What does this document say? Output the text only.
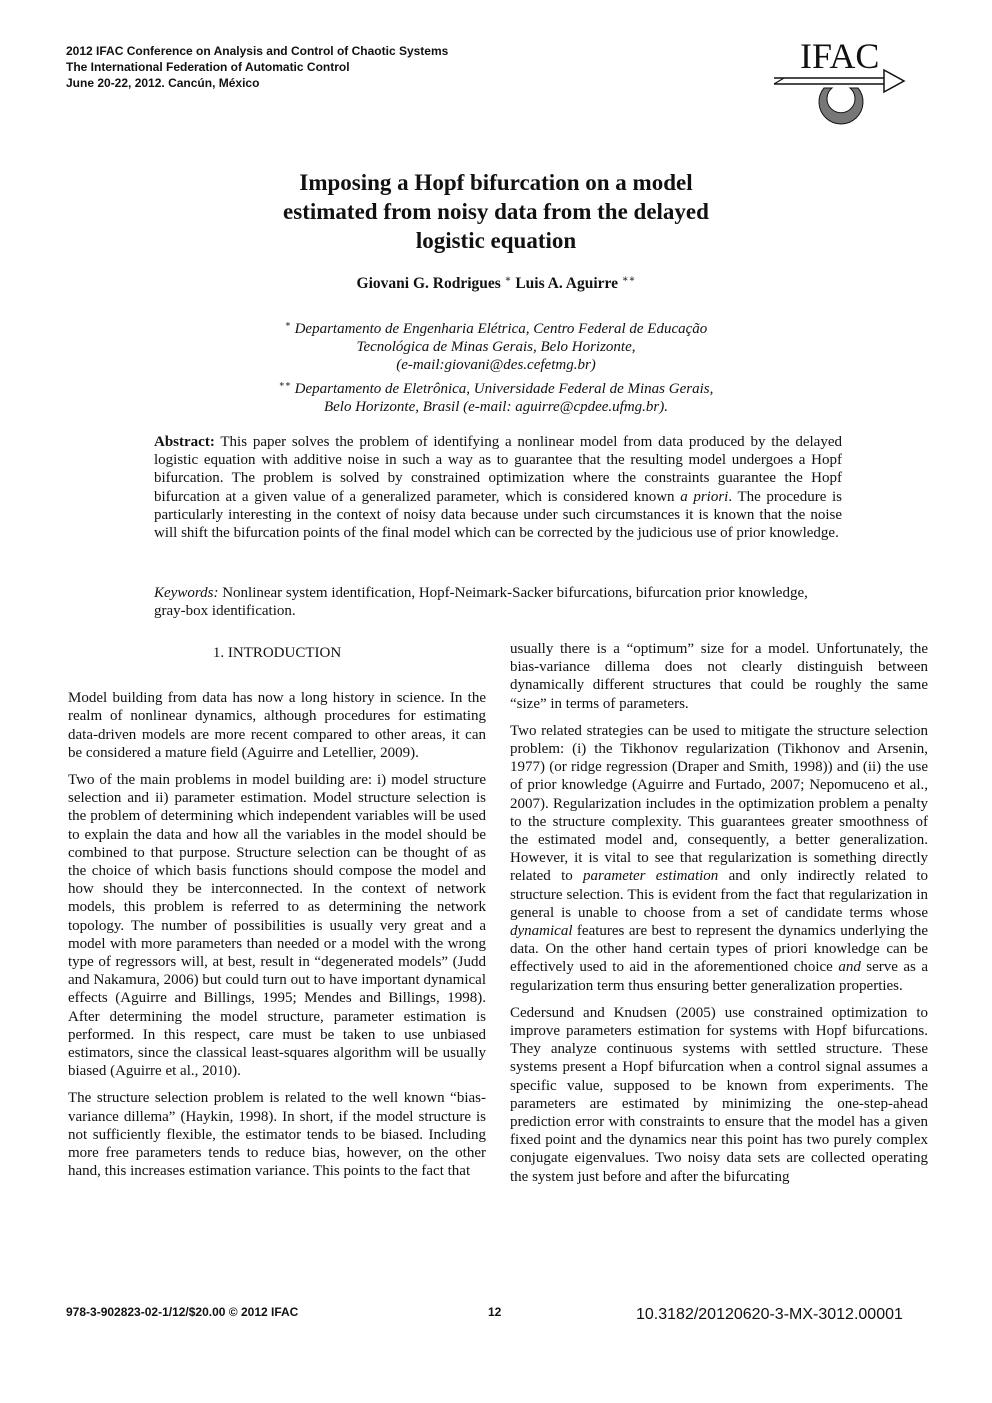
2012 IFAC Conference on Analysis and Control of Chaotic Systems
The International Federation of Automatic Control
June 20-22, 2012. Cancún, México
IFAC
Imposing a Hopf bifurcation on a model
estimated from noisy data from the delayed
logistic equation
Giovani G. Rodrigues ∗ Luis A. Aguirre ∗∗
∗ Departamento de Engenharia Elétrica, Centro Federal de Educação
Tecnológica de Minas Gerais, Belo Horizonte,
(e-mail:giovani@des.cefetmg.br)
∗∗ Departamento de Eletrônica, Universidade Federal de Minas Gerais,
Belo Horizonte, Brasil (e-mail: aguirre@cpdee.ufmg.br).
Abstract: This paper solves the problem of identifying a nonlinear model from data produced by the delayed logistic equation with additive noise in such a way as to guarantee that the resulting model undergoes a Hopf bifurcation. The problem is solved by constrained optimization where the constraints guarantee the Hopf bifurcation at a given value of a generalized parameter, which is considered known a priori. The procedure is particularly interesting in the context of noisy data because under such circumstances it is known that the noise will shift the bifurcation points of the final model which can be corrected by the judicious use of prior knowledge.
Keywords: Nonlinear system identification, Hopf-Neimark-Sacker bifurcations, bifurcation prior knowledge, gray-box identification.
1. INTRODUCTION

Model building from data has now a long history in science. In the realm of nonlinear dynamics, although procedures for estimating data-driven models are more recent compared to other areas, it can be considered a mature field (Aguirre and Letellier, 2009).

Two of the main problems in model building are: i) model structure selection and ii) parameter estimation. Model structure selection is the problem of determining which independent variables will be used to explain the data and how all the variables in the model should be combined to that purpose. Structure selection can be thought of as the choice of which basis functions should compose the model and how should they be interconnected. In the context of network models, this problem is referred to as determining the network topology. The number of possibilities is usually very great and a model with more parameters than needed or a model with the wrong type of regressors will, at best, result in “degenerated models” (Judd and Nakamura, 2006) but could turn out to have important dynamical effects (Aguirre and Billings, 1995; Mendes and Billings, 1998). After determining the model structure, parameter estimation is performed. In this respect, care must be taken to use unbiased estimators, since the classical least-squares algorithm will be usually biased (Aguirre et al., 2010).

The structure selection problem is related to the well known “bias-variance dillema” (Haykin, 1998). In short, if the model structure is not sufficiently flexible, the estimator tends to be biased. Including more free parameters tends to reduce bias, however, on the other hand, this increases estimation variance. This points to the fact that

usually there is a “optimum” size for a model. Unfortunately, the bias-variance dillema does not clearly distinguish between dynamically different structures that could be roughly the same “size” in terms of parameters.

Two related strategies can be used to mitigate the structure selection problem: (i) the Tikhonov regularization (Tikhonov and Arsenin, 1977) (or ridge regression (Draper and Smith, 1998)) and (ii) the use of prior knowledge (Aguirre and Furtado, 2007; Nepomuceno et al., 2007). Regularization includes in the optimization problem a penalty to the structure complexity. This guarantees greater smoothness of the estimated model and, consequently, a better generalization. However, it is vital to see that regularization is something directly related to parameter estimation and only indirectly related to structure selection. This is evident from the fact that regularization in general is unable to choose from a set of candidate terms whose dynamical features are best to represent the dynamics underlying the data. On the other hand certain types of priori knowledge can be effectively used to aid in the aforementioned choice and serve as a regularization term thus ensuring better generalization properties.

Cedersund and Knudsen (2005) use constrained optimization to improve parameters estimation for systems with Hopf bifurcations. They analyze continuous systems with settled structure. These systems present a Hopf bifurcation when a control signal assumes a specific value, supposed to be known from experiments. The parameters are estimated by minimizing the one-step-ahead prediction error with constraints to ensure that the model has a given fixed point and the dynamics near this point has two purely complex conjugate eigenvalues. Two noisy data sets are collected operating the system just before and after the bifurcating

978-3-902823-02-1/12/$20.00 © 2012 IFAC	12	10.3182/20120620-3-MX-3012.00001
